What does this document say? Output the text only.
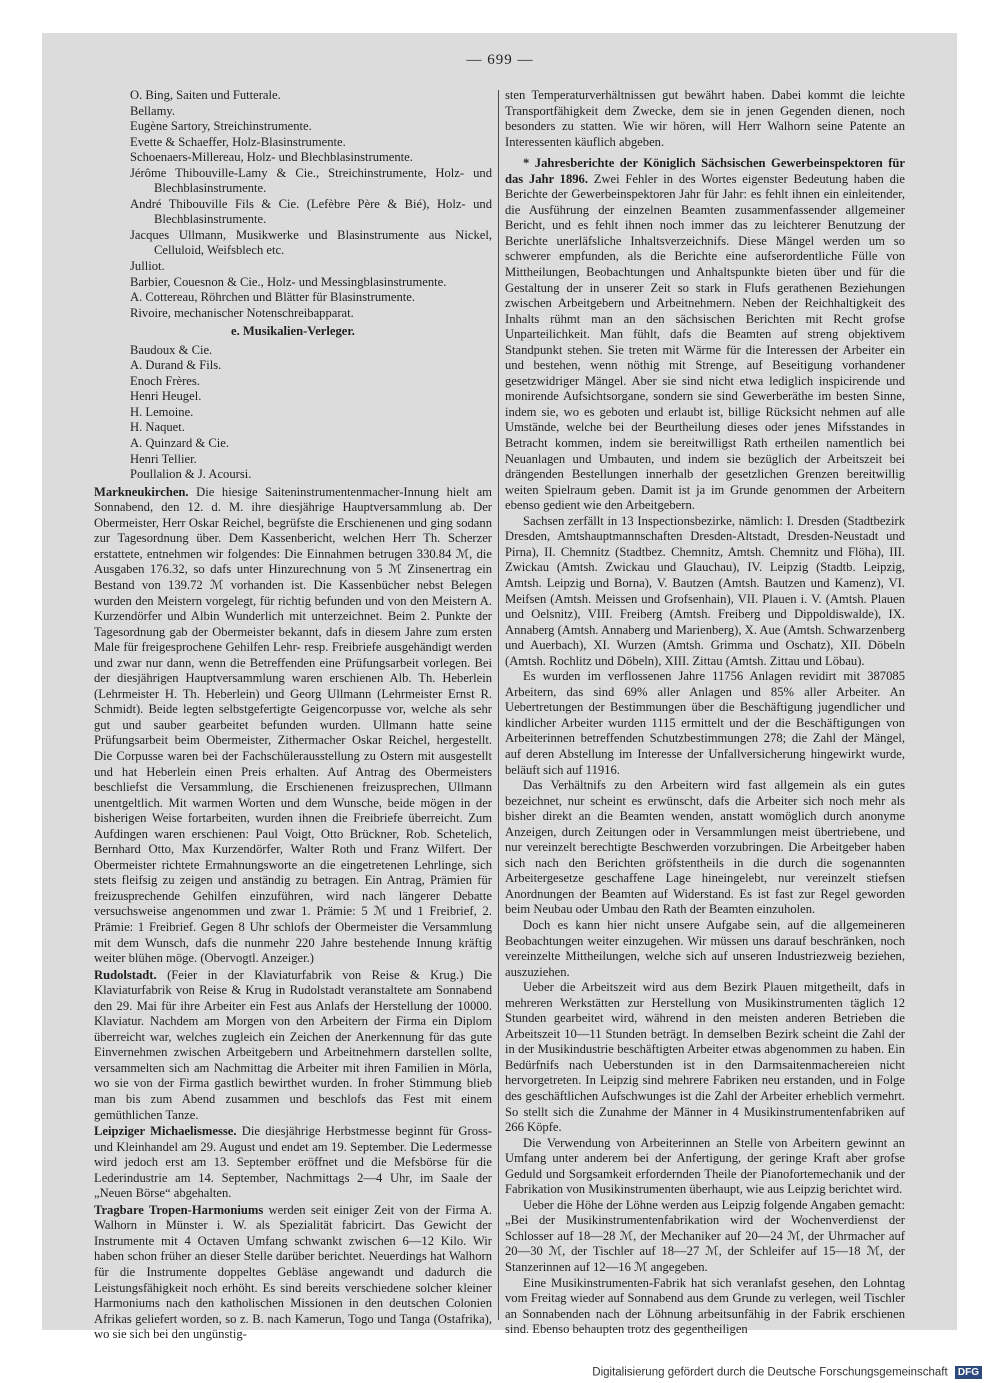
— 699 —
O. Bing, Saiten und Futterale.
Bellamy.
Eugène Sartory, Streichinstrumente.
Evette & Schaeffer, Holz-Blasinstrumente.
Schoenaers-Millereau, Holz- und Blechblasinstrumente.
Jérôme Thibouville-Lamy & Cie., Streichinstrumente, Holz- und Blechblasinstrumente.
André Thibouville Fils & Cie. (Lefèbre Père & Bié), Holz- und Blechblasinstrumente.
Jacques Ullmann, Musikwerke und Blasinstrumente aus Nickel, Celluloid, Weifsblech etc.
Julliot.
Barbier, Couesnon & Cie., Holz- und Messingblasinstrumente.
A. Cottereau, Röhrchen und Blätter für Blasinstrumente.
Rivoire, mechanischer Notenschreibapparat.
e. Musikalien-Verleger.
Baudoux & Cie.
A. Durand & Fils.
Enoch Frères.
Henri Heugel.
H. Lemoine.
H. Naquet.
A. Quinzard & Cie.
Henri Tellier.
Poullalion & J. Acoursi.

Markneukirchen. Die hiesige Saiteninstrumentenmacher-Innung hielt am Sonnabend, den 12. d. M. ihre diesjährige Hauptversammlung ab. Der Obermeister, Herr Oskar Reichel, begrüfste die Erschienenen und ging sodann zur Tagesordnung über. Dem Kassenbericht, welchen Herr Th. Scherzer erstattete, entnehmen wir folgendes: Die Einnahmen betrugen 330.84 ℳ, die Ausgaben 176.32, so dafs unter Hinzurechnung von 5 ℳ Zinsenertrag ein Bestand von 139.72 ℳ vorhanden ist. Die Kassenbücher nebst Belegen wurden den Meistern vorgelegt, für richtig befunden und von den Meistern A. Kurzendörfer und Albin Wunderlich mit unterzeichnet. Beim 2. Punkte der Tagesordnung gab der Obermeister bekannt, dafs in diesem Jahre zum ersten Male für freigesprochene Gehilfen Lehr- resp. Freibriefe ausgehändigt werden und zwar nur dann, wenn die Betreffenden eine Prüfungsarbeit vorlegen. Bei der diesjährigen Hauptversammlung waren erschienen Alb. Th. Heberlein (Lehrmeister H. Th. Heberlein) und Georg Ullmann (Lehrmeister Ernst R. Schmidt). Beide legten selbstgefertigte Geigencorpusse vor, welche als sehr gut und sauber gearbeitet befunden wurden. Ullmann hatte seine Prüfungsarbeit beim Obermeister, Zithermacher Oskar Reichel, hergestellt. Die Corpusse waren bei der Fachschülerausstellung zu Ostern mit ausgestellt und hat Heberlein einen Preis erhalten. Auf Antrag des Obermeisters beschliefst die Versammlung, die Erschienenen freizusprechen, Ullmann unentgeltlich. Mit warmen Worten und dem Wunsche, beide mögen in der bisherigen Weise fortarbeiten, wurden ihnen die Freibriefe überreicht. Zum Aufdingen waren erschienen: Paul Voigt, Otto Brückner, Rob. Schetelich, Bernhard Otto, Max Kurzendörfer, Walter Roth und Franz Wilfert. Der Obermeister richtete Ermahnungsworte an die eingetretenen Lehrlinge, sich stets fleifsig zu zeigen und anständig zu betragen. Ein Antrag, Prämien für freizusprechende Gehilfen einzuführen, wird nach längerer Debatte versuchsweise angenommen und zwar 1. Prämie: 5 ℳ und 1 Freibrief, 2. Prämie: 1 Freibrief. Gegen 8 Uhr schlofs der Obermeister die Versammlung mit dem Wunsch, dafs die nunmehr 220 Jahre bestehende Innung kräftig weiter blühen möge. (Obervogtl. Anzeiger.)

Rudolstadt. (Feier in der Klaviaturfabrik von Reise & Krug.) Die Klaviaturfabrik von Reise & Krug in Rudolstadt veranstaltete am Sonnabend den 29. Mai für ihre Arbeiter ein Fest aus Anlafs der Herstellung der 10000. Klaviatur. Nachdem am Morgen von den Arbeitern der Firma ein Diplom überreicht war, welches zugleich ein Zeichen der Anerkennung für das gute Einvernehmen zwischen Arbeitgebern und Arbeitnehmern darstellen sollte, versammelten sich am Nachmittag die Arbeiter mit ihren Familien in Mörla, wo sie von der Firma gastlich bewirthet wurden. In froher Stimmung blieb man bis zum Abend zusammen und beschlofs das Fest mit einem gemüthlichen Tanze.

Leipziger Michaelismesse. Die diesjährige Herbstmesse beginnt für Gross- und Kleinhandel am 29. August und endet am 19. September. Die Ledermesse wird jedoch erst am 13. September eröffnet und die Mefsbörse für die Lederindustrie am 14. September, Nachmittags 2—4 Uhr, im Saale der „Neuen Börse“ abgehalten.

Tragbare Tropen-Harmoniums werden seit einiger Zeit von der Firma A. Walhorn in Münster i. W. als Spezialität fabricirt. Das Gewicht der Instrumente mit 4 Octaven Umfang schwankt zwischen 6—12 Kilo. Wir haben schon früher an dieser Stelle darüber berichtet. Neuerdings hat Walhorn für die Instrumente doppeltes Gebläse angewandt und dadurch die Leistungsfähigkeit noch erhöht. Es sind bereits verschiedene solcher kleiner Harmoniums nach den katholischen Missionen in den deutschen Colonien Afrikas geliefert worden, so z. B. nach Kamerun, Togo und Tanga (Ostafrika), wo sie sich bei den ungünstig-

sten Temperaturverhältnissen gut bewährt haben. Dabei kommt die leichte Transportfähigkeit dem Zwecke, dem sie in jenen Gegenden dienen, noch besonders zu statten. Wie wir hören, will Herr Walhorn seine Patente an Interessenten käuflich abgeben.

* Jahresberichte der Königlich Sächsischen Gewerbeinspektoren für das Jahr 1896. Zwei Fehler in des Wortes eigenster Bedeutung haben die Berichte der Gewerbeinspektoren Jahr für Jahr: es fehlt ihnen ein einleitender, die Ausführung der einzelnen Beamten zusammenfassender allgemeiner Bericht, und es fehlt ihnen noch immer das zu leichterer Benutzung der Berichte unerläfsliche Inhaltsverzeichnifs. Diese Mängel werden um so schwerer empfunden, als die Berichte eine aufserordentliche Fülle von Mittheilungen, Beobachtungen und Anhaltspunkte bieten über und für die Gestaltung der in unserer Zeit so stark in Flufs gerathenen Beziehungen zwischen Arbeitgebern und Arbeitnehmern. Neben der Reichhaltigkeit des Inhalts rühmt man an den sächsischen Berichten mit Recht grofse Unparteilichkeit. Man fühlt, dafs die Beamten auf streng objektivem Standpunkt stehen. Sie treten mit Wärme für die Interessen der Arbeiter ein und bestehen, wenn nöthig mit Strenge, auf Beseitigung vorhandener gesetzwidriger Mängel. Aber sie sind nicht etwa lediglich inspicirende und monirende Aufsichtsorgane, sondern sie sind Gewerberäthe im besten Sinne, indem sie, wo es geboten und erlaubt ist, billige Rücksicht nehmen auf alle Umstände, welche bei der Beurtheilung dieses oder jenes Mifsstandes in Betracht kommen, indem sie bereitwilligst Rath ertheilen namentlich bei Neuanlagen und Umbauten, und indem sie bezüglich der Arbeitszeit bei drängenden Bestellungen innerhalb der gesetzlichen Grenzen bereitwillig weiten Spielraum geben. Damit ist ja im Grunde genommen der Arbeitern ebenso gedient wie den Arbeitgebern.

Sachsen zerfällt in 13 Inspectionsbezirke, nämlich: I. Dresden (Stadtbezirk Dresden, Amtshauptmannschaften Dresden-Altstadt, Dresden-Neustadt und Pirna), II. Chemnitz (Stadtbez. Chemnitz, Amtsh. Chemnitz und Flöha), III. Zwickau (Amtsh. Zwickau und Glauchau), IV. Leipzig (Stadtb. Leipzig, Amtsh. Leipzig und Borna), V. Bautzen (Amtsh. Bautzen und Kamenz), VI. Meifsen (Amtsh. Meissen und Grofsenhain), VII. Plauen i. V. (Amtsh. Plauen und Oelsnitz), VIII. Freiberg (Amtsh. Freiberg und Dippoldiswalde), IX. Annaberg (Amtsh. Annaberg und Marienberg), X. Aue (Amtsh. Schwarzenberg und Auerbach), XI. Wurzen (Amtsh. Grimma und Oschatz), XII. Döbeln (Amtsh. Rochlitz und Döbeln), XIII. Zittau (Amtsh. Zittau und Löbau).

Es wurden im verflossenen Jahre 11756 Anlagen revidirt mit 387085 Arbeitern, das sind 69% aller Anlagen und 85% aller Arbeiter. An Uebertretungen der Bestimmungen über die Beschäftigung jugendlicher und kindlicher Arbeiter wurden 1115 ermittelt und der die Beschäftigungen von Arbeiterinnen betreffenden Schutzbestimmungen 278; die Zahl der Mängel, auf deren Abstellung im Interesse der Unfallversicherung hingewirkt wurde, beläuft sich auf 11916.

Das Verhältnifs zu den Arbeitern wird fast allgemein als ein gutes bezeichnet, nur scheint es erwünscht, dafs die Arbeiter sich noch mehr als bisher direkt an die Beamten wenden, anstatt womöglich durch anonyme Anzeigen, durch Zeitungen oder in Versammlungen meist übertriebene, und nur vereinzelt berechtigte Beschwerden vorzubringen. Die Arbeitgeber haben sich nach den Berichten gröfstentheils in die durch die sogenannten Arbeitergesetze geschaffene Lage hineingelebt, nur vereinzelt stiefsen Anordnungen der Beamten auf Widerstand. Es ist fast zur Regel geworden beim Neubau oder Umbau den Rath der Beamten einzuholen.

Doch es kann hier nicht unsere Aufgabe sein, auf die allgemeineren Beobachtungen weiter einzugehen. Wir müssen uns darauf beschränken, noch vereinzelte Mittheilungen, welche sich auf unseren Industriezweig beziehen, auszuziehen.

Ueber die Arbeitszeit wird aus dem Bezirk Plauen mitgetheilt, dafs in mehreren Werkstätten zur Herstellung von Musikinstrumenten täglich 12 Stunden gearbeitet wird, während in den meisten anderen Betrieben die Arbeitszeit 10—11 Stunden beträgt. In demselben Bezirk scheint die Zahl der in der Musikindustrie beschäftigten Arbeiter etwas abgenommen zu haben. Ein Bedürfnifs nach Ueberstunden ist in den Darmsaitenmachereien nicht hervorgetreten. In Leipzig sind mehrere Fabriken neu erstanden, und in Folge des geschäftlichen Aufschwunges ist die Zahl der Arbeiter erheblich vermehrt. So stellt sich die Zunahme der Männer in 4 Musikinstrumentenfabriken auf 266 Köpfe.

Die Verwendung von Arbeiterinnen an Stelle von Arbeitern gewinnt an Umfang unter anderem bei der Anfertigung, der geringe Kraft aber grofse Geduld und Sorgsamkeit erfordernden Theile der Pianofortemechanik und der Fabrikation von Musikinstrumenten überhaupt, wie aus Leipzig berichtet wird.

Ueber die Höhe der Löhne werden aus Leipzig folgende Angaben gemacht: „Bei der Musikinstrumentenfabrikation wird der Wochenverdienst der Schlosser auf 18—28 ℳ, der Mechaniker auf 20—24 ℳ, der Uhrmacher auf 20—30 ℳ, der Tischler auf 18—27 ℳ, der Schleifer auf 15—18 ℳ, der Stanzerinnen auf 12—16 ℳ angegeben.

Eine Musikinstrumenten-Fabrik hat sich veranlafst gesehen, den Lohntag vom Freitag wieder auf Sonnabend aus dem Grunde zu verlegen, weil Tischler an Sonnabenden nach der Löhnung arbeitsunfähig in der Fabrik erschienen sind. Ebenso behaupten trotz des gegentheiligen

Digitalisierung gefördert durch die Deutsche Forschungsgemeinschaft DFG
